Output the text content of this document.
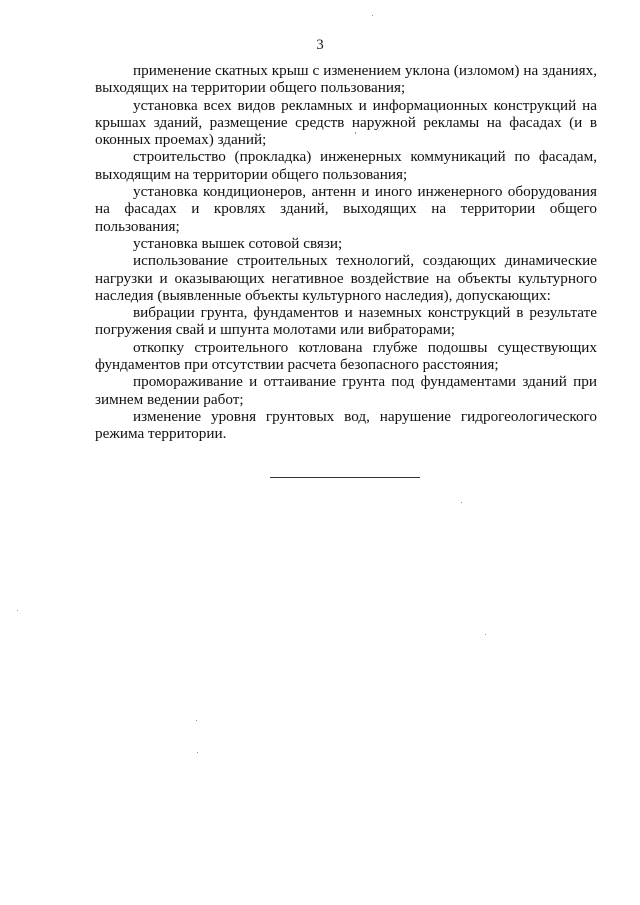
3

применение скатных крыш с изменением уклона (изломом) на зданиях, выходящих на территории общего пользования;

установка всех видов рекламных и информационных конструкций на крышах зданий, размещение средств наружной рекламы на фасадах (и в оконных проемах) зданий;

строительство (прокладка) инженерных коммуникаций по фасадам, выходящим на территории общего пользования;

установка кондиционеров, антенн и иного инженерного оборудования на фасадах и кровлях зданий, выходящих на территории общего пользования;

установка вышек сотовой связи;

использование строительных технологий, создающих динамические нагрузки и оказывающих негативное воздействие на объекты культурного наследия (выявленные объекты культурного наследия), допускающих:

вибрации грунта, фундаментов и наземных конструкций в результате погружения свай и шпунта молотами или вибраторами;

откопку строительного котлована глубже подошвы существующих фундаментов при отсутствии расчета безопасного расстояния;

промораживание и оттаивание грунта под фундаментами зданий при зимнем ведении работ;

изменение уровня грунтовых вод, нарушение гидрогеологического режима территории.
